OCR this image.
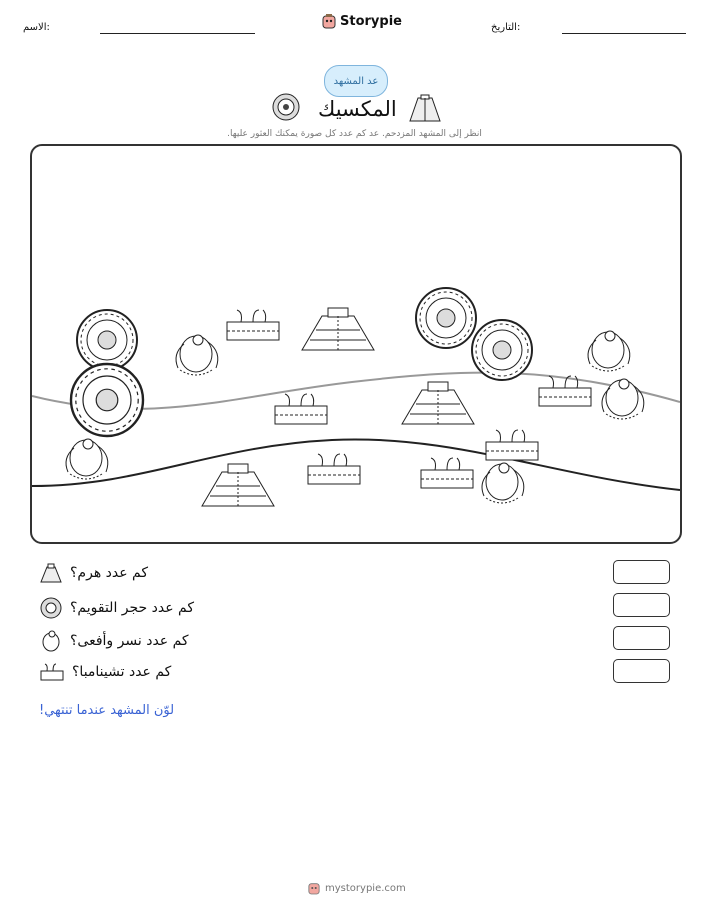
التاريخ:
الاسم:	Storypie
عد المشهد
المكسيك
انظر إلى المشهد المزدحم. عد كم عدد كل صورة يمكنك العثور عليها.
كم عدد هرم؟
كم عدد حجر التقويم؟
كم عدد نسر وأفعى؟
كم عدد تشينامبا؟
لوّن المشهد عندما تنتهي!
mystorypie.com
